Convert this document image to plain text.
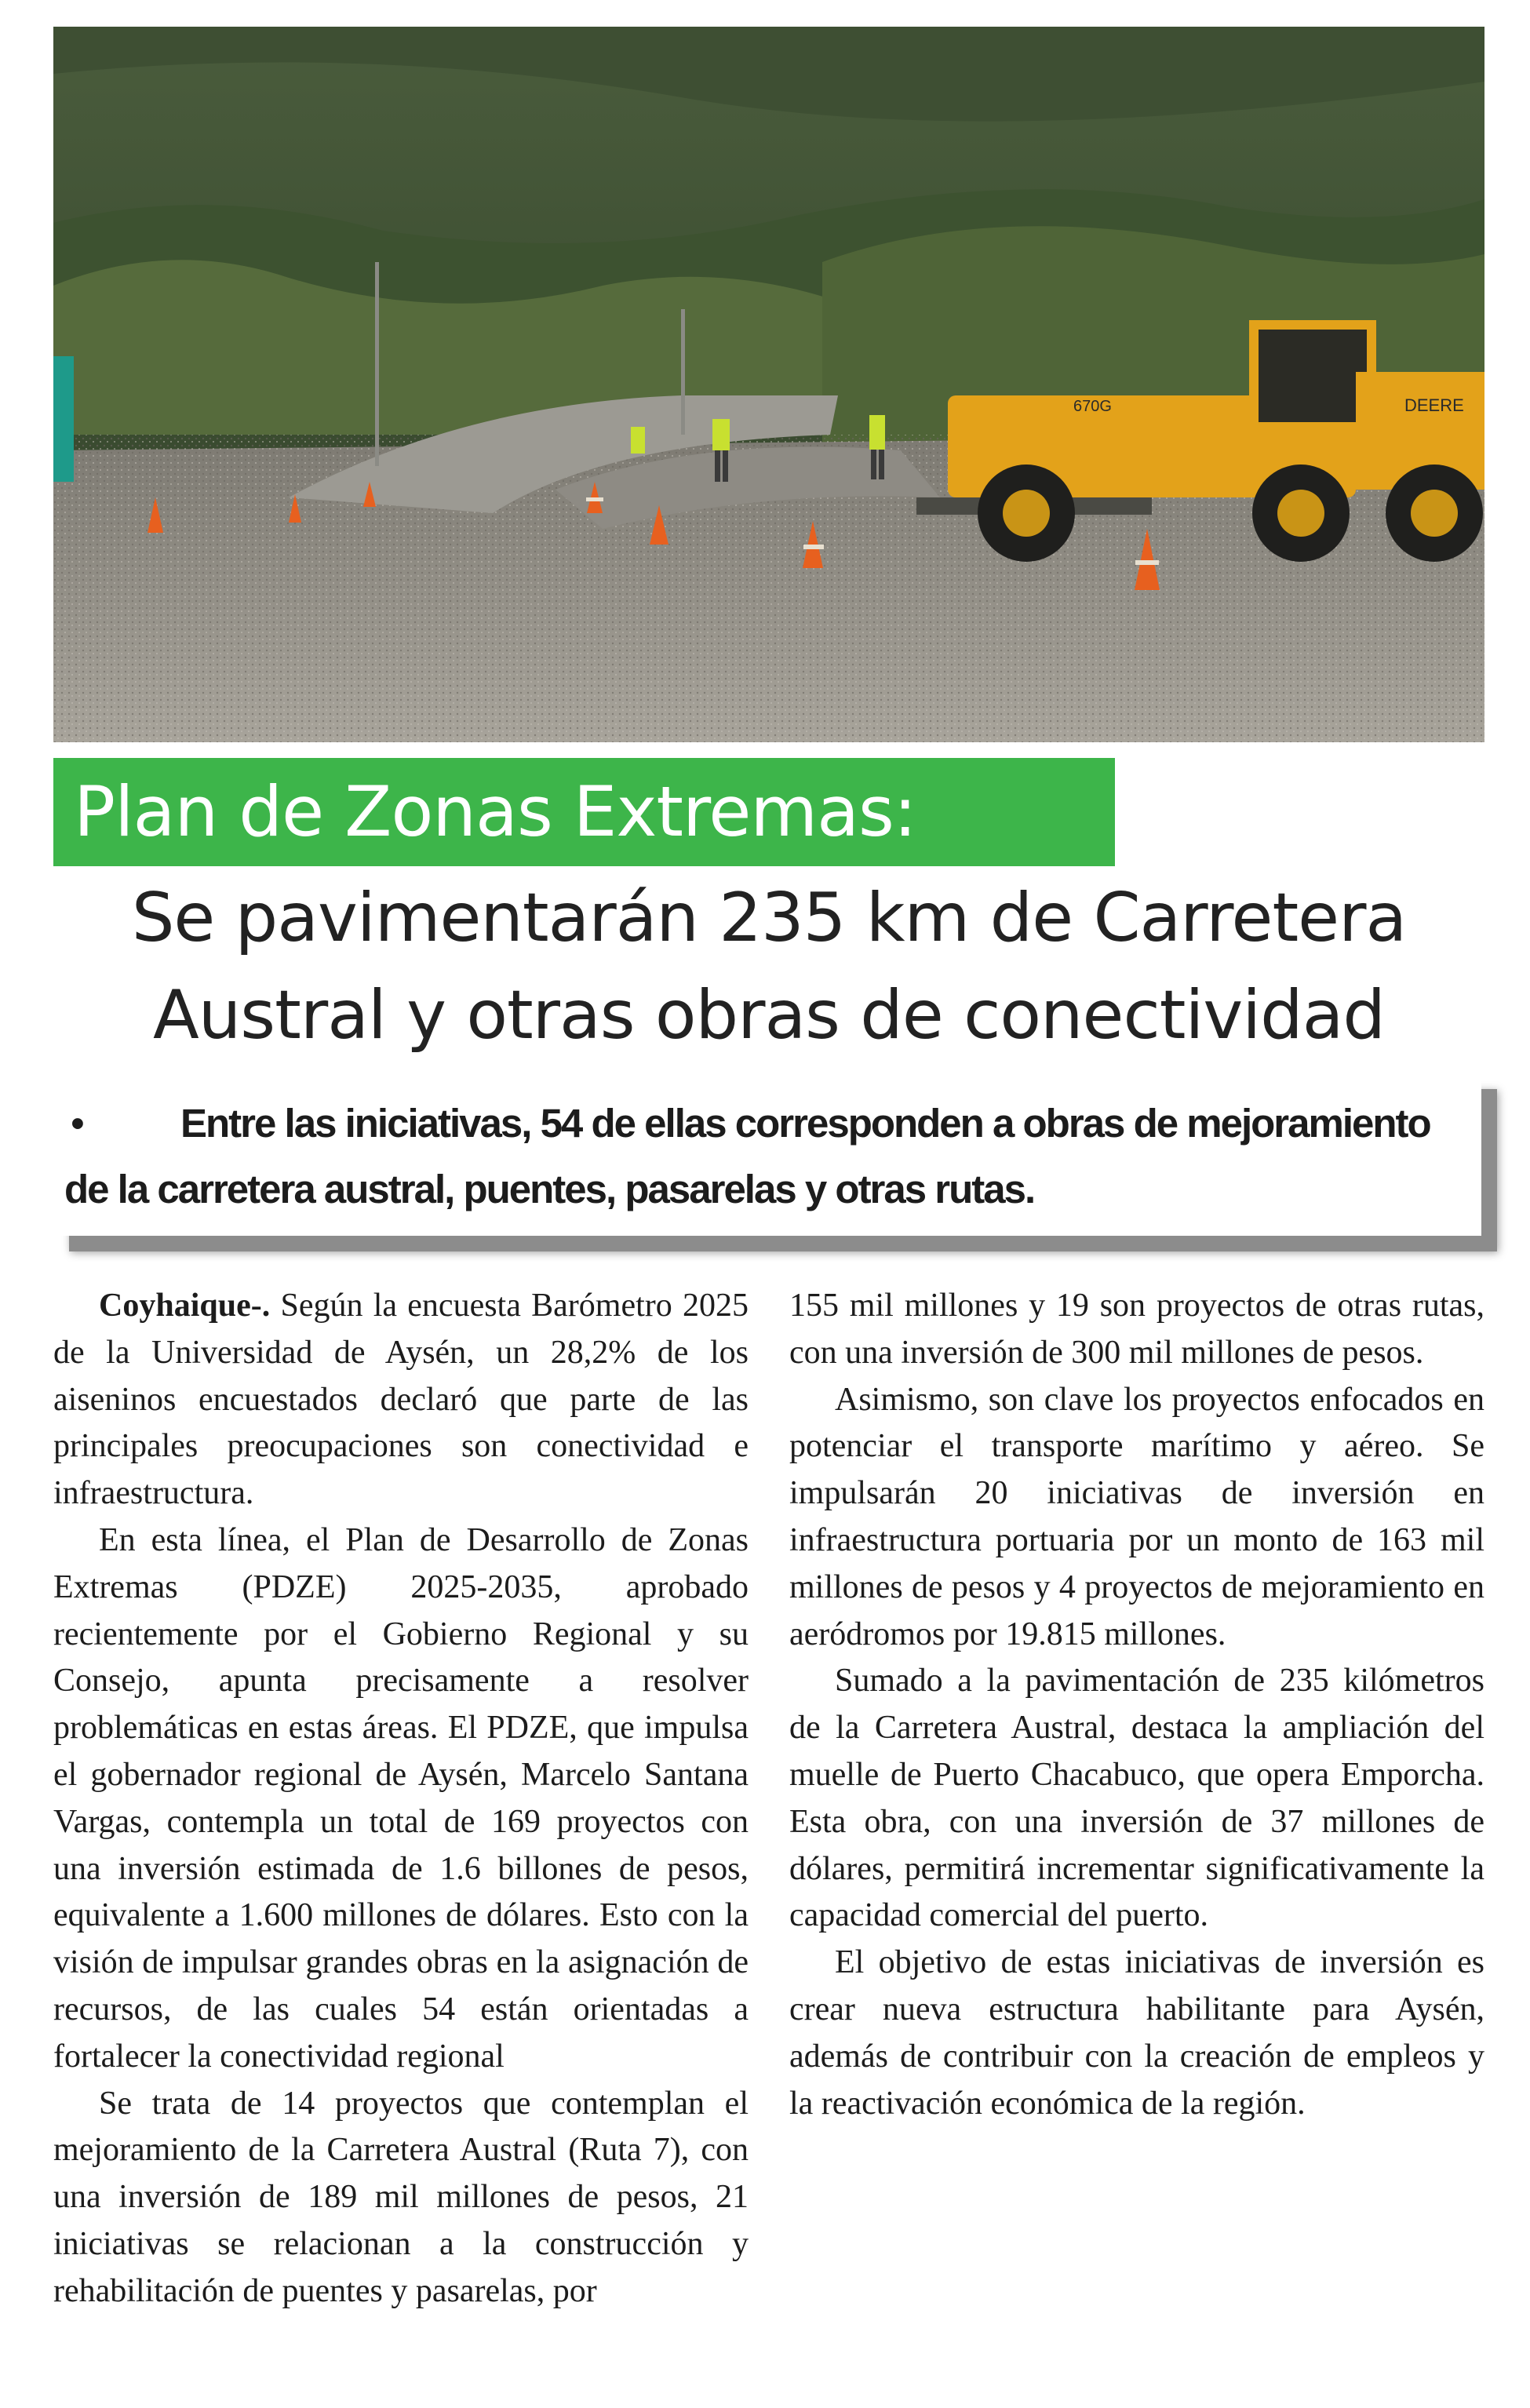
DEERE
670G
Plan de Zonas Extremas:
Se pavimentarán 235 km de Carretera
Austral y otras obras de conectividad
• Entre las iniciativas, 54 de ellas corresponden a obras de mejoramiento de la carretera austral, puentes, pasarelas y otras rutas.

Coyhaique-. Según la encuesta Barómetro 2025 de la Universidad de Aysén, un 28,2% de los aiseninos encuestados declaró que parte de las principales preocupaciones son conectividad e infraestructura.

En esta línea, el Plan de Desarrollo de Zonas Extremas (PDZE) 2025-2035, aprobado recientemente por el Gobierno Regional y su Consejo, apunta precisamente a resolver problemáticas en estas áreas. El PDZE, que impulsa el gobernador regional de Aysén, Marcelo Santana Vargas, contempla un total de 169 proyectos con una inversión estimada de 1.6 billones de pesos, equivalente a 1.600 millones de dólares. Esto con la visión de impulsar grandes obras en la asignación de recursos, de las cuales 54 están orientadas a fortalecer la conectividad regional

Se trata de 14 proyectos que contemplan el mejoramiento de la Carretera Austral (Ruta 7), con una inversión de 189 mil millones de pesos, 21 iniciativas se relacionan a la construcción y rehabilitación de puentes y pasarelas, por

155 mil millones y 19 son proyectos de otras rutas, con una inversión de 300 mil millones de pesos.

Asimismo, son clave los proyectos enfocados en potenciar el transporte marítimo y aéreo. Se impulsarán 20 iniciativas de inversión en infraestructura portuaria por un monto de 163 mil millones de pesos y 4 proyectos de mejoramiento en aeródromos por 19.815 millones.

Sumado a la pavimentación de 235 kilómetros de la Carretera Austral, destaca la ampliación del muelle de Puerto Chacabuco, que opera Emporcha. Esta obra, con una inversión de 37 millones de dólares, permitirá incrementar significativamente la capacidad comercial del puerto.

El objetivo de estas iniciativas de inversión es crear nueva estructura habilitante para Aysén, además de contribuir con la creación de empleos y la reactivación económica de la región.
